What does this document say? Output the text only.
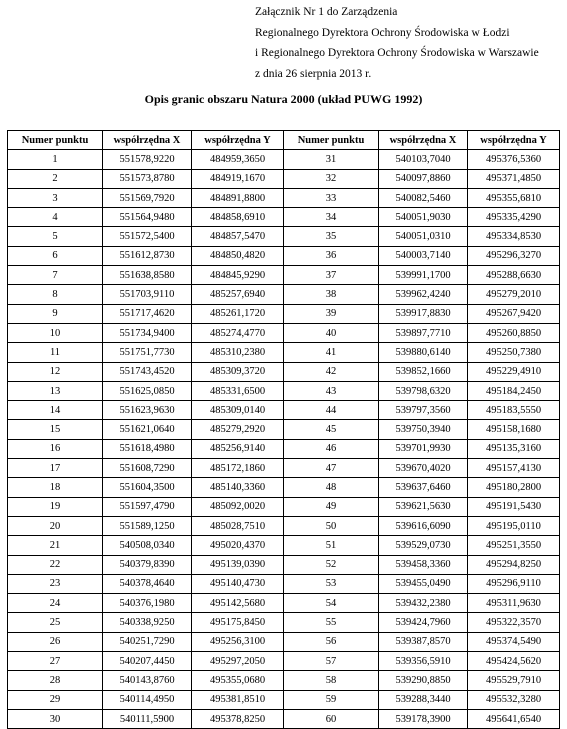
Załącznik Nr 1 do Zarządzenia
Regionalnego Dyrektora Ochrony Środowiska w Łodzi
i Regionalnego Dyrektora Ochrony Środowiska w Warszawie
z dnia 26 sierpnia 2013 r.
Opis granic obszaru Natura 2000 (układ PUWG 1992)
Numer punktu	współrzędna X	współrzędna Y	Numer punktu	współrzędna X	współrzędna Y
1	551578,9220	484959,3650	31	540103,7040	495376,5360
2	551573,8780	484919,1670	32	540097,8860	495371,4850
3	551569,7920	484891,8800	33	540082,5460	495355,6810
4	551564,9480	484858,6910	34	540051,9030	495335,4290
5	551572,5400	484857,5470	35	540051,0310	495334,8530
6	551612,8730	484850,4820	36	540003,7140	495296,3270
7	551638,8580	484845,9290	37	539991,1700	495288,6630
8	551703,9110	485257,6940	38	539962,4240	495279,2010
9	551717,4620	485261,1720	39	539917,8830	495267,9420
10	551734,9400	485274,4770	40	539897,7710	495260,8850
11	551751,7730	485310,2380	41	539880,6140	495250,7380
12	551743,4520	485309,3720	42	539852,1660	495229,4910
13	551625,0850	485331,6500	43	539798,6320	495184,2450
14	551623,9630	485309,0140	44	539797,3560	495183,5550
15	551621,0640	485279,2920	45	539750,3940	495158,1680
16	551618,4980	485256,9140	46	539701,9930	495135,3160
17	551608,7290	485172,1860	47	539670,4020	495157,4130
18	551604,3500	485140,3360	48	539637,6460	495180,2800
19	551597,4790	485092,0020	49	539621,5630	495191,5430
20	551589,1250	485028,7510	50	539616,6090	495195,0110
21	540508,0340	495020,4370	51	539529,0730	495251,3550
22	540379,8390	495139,0390	52	539458,3360	495294,8250
23	540378,4640	495140,4730	53	539455,0490	495296,9110
24	540376,1980	495142,5680	54	539432,2380	495311,9630
25	540338,9250	495175,8450	55	539424,7960	495322,3570
26	540251,7290	495256,3100	56	539387,8570	495374,5490
27	540207,4450	495297,2050	57	539356,5910	495424,5620
28	540143,8760	495355,0680	58	539290,8850	495529,7910
29	540114,4950	495381,8510	59	539288,3440	495532,3280
30	540111,5900	495378,8250	60	539178,3900	495641,6540
